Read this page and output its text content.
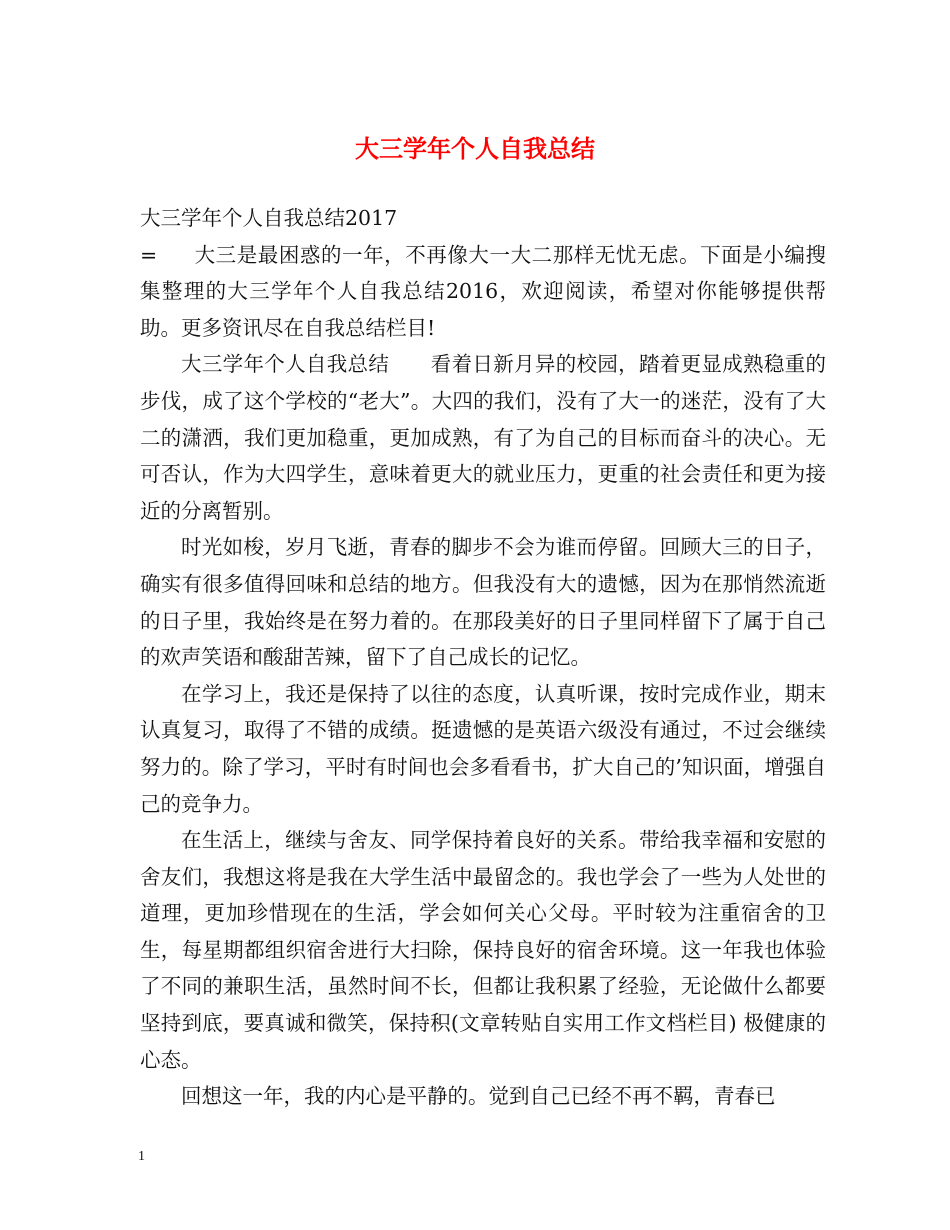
大三学年个人自我总结

大三学年个人自我总结2017

= 大三是最困惑的一年，不再像大一大二那样无忧无虑。下面是小编搜集整理的大三学年个人自我总结2016，欢迎阅读，希望对你能够提供帮助。更多资讯尽在自我总结栏目!

大三学年个人自我总结　　看着日新月异的校园，踏着更显成熟稳重的步伐，成了这个学校的“老大”。大四的我们，没有了大一的迷茫，没有了大二的潇洒，我们更加稳重，更加成熟，有了为自己的目标而奋斗的决心。无可否认，作为大四学生，意味着更大的就业压力，更重的社会责任和更为接近的分离暂别。

时光如梭，岁月飞逝，青春的脚步不会为谁而停留。回顾大三的日子，确实有很多值得回味和总结的地方。但我没有大的遗憾，因为在那悄然流逝的日子里，我始终是在努力着的。在那段美好的日子里同样留下了属于自己的欢声笑语和酸甜苦辣，留下了自己成长的记忆。

在学习上，我还是保持了以往的态度，认真听课，按时完成作业，期末认真复习，取得了不错的成绩。挺遗憾的是英语六级没有通过，不过会继续努力的。除了学习，平时有时间也会多看看书，扩大自己的’知识面，增强自己的竞争力。

在生活上，继续与舍友、同学保持着良好的关系。带给我幸福和安慰的舍友们，我想这将是我在大学生活中最留念的。我也学会了一些为人处世的道理，更加珍惜现在的生活，学会如何关心父母。平时较为注重宿舍的卫生，每星期都组织宿舍进行大扫除，保持良好的宿舍环境。这一年我也体验了不同的兼职生活，虽然时间不长，但都让我积累了经验，无论做什么都要坚持到底，要真诚和微笑，保持积(文章转贴自实用工作文档栏目) 极健康的心态。

回想这一年，我的内心是平静的。觉到自己已经不再不羁，青春已

1
